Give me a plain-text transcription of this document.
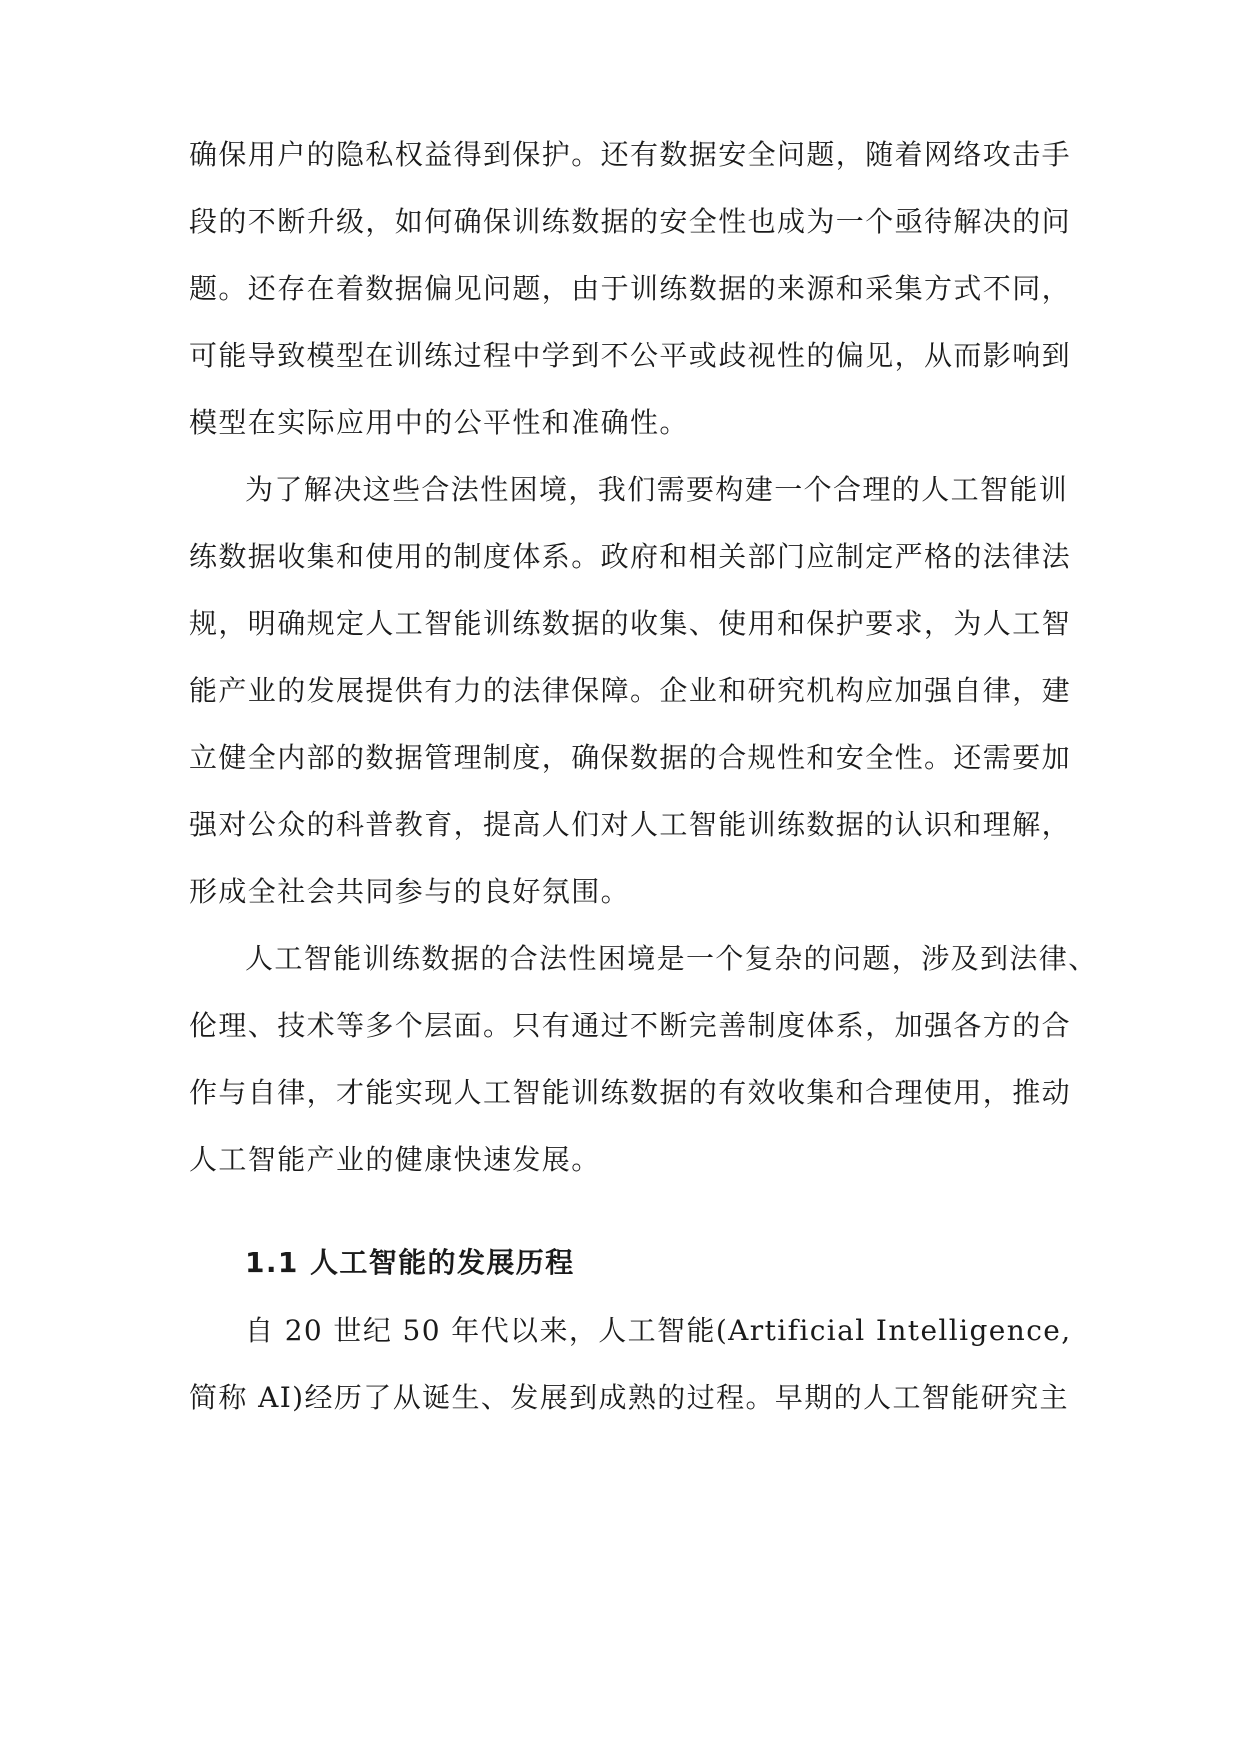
确保用户的隐私权益得到保护。还有数据安全问题，随着网络攻击手
段的不断升级，如何确保训练数据的安全性也成为一个亟待解决的问
题。还存在着数据偏见问题，由于训练数据的来源和采集方式不同，
可能导致模型在训练过程中学到不公平或歧视性的偏见，从而影响到
模型在实际应用中的公平性和准确性。
为了解决这些合法性困境，我们需要构建一个合理的人工智能训
练数据收集和使用的制度体系。政府和相关部门应制定严格的法律法
规，明确规定人工智能训练数据的收集、使用和保护要求，为人工智
能产业的发展提供有力的法律保障。企业和研究机构应加强自律，建
立健全内部的数据管理制度，确保数据的合规性和安全性。还需要加
强对公众的科普教育，提高人们对人工智能训练数据的认识和理解，
形成全社会共同参与的良好氛围。
人工智能训练数据的合法性困境是一个复杂的问题，涉及到法律、
伦理、技术等多个层面。只有通过不断完善制度体系，加强各方的合
作与自律，才能实现人工智能训练数据的有效收集和合理使用，推动
人工智能产业的健康快速发展。
1.1 人工智能的发展历程
自 20 世纪 50 年代以来，人工智能(Artificial Intelligence,
简称 AI)经历了从诞生、发展到成熟的过程。早期的人工智能研究主
